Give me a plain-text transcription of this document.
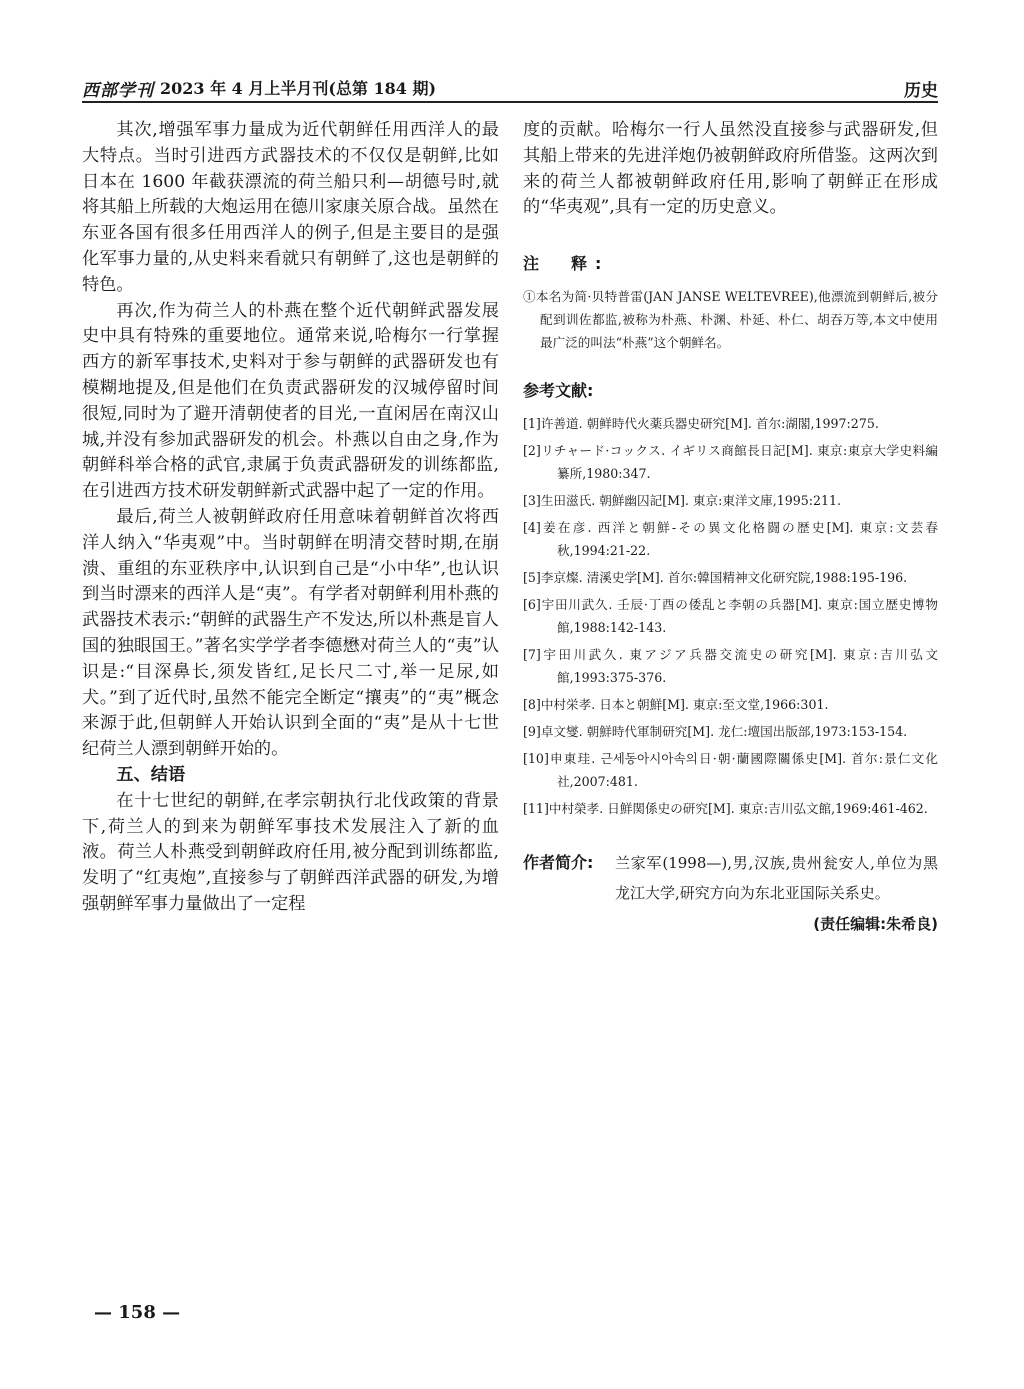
西部学刊 2023 年 4 月上半月刊(总第 184 期)	历史

其次,增强军事力量成为近代朝鲜任用西洋人的最大特点。当时引进西方武器技术的不仅仅是朝鲜,比如日本在 1600 年截获漂流的荷兰船只利—胡德号时,就将其船上所载的大炮运用在德川家康关原合战。虽然在东亚各国有很多任用西洋人的例子,但是主要目的是强化军事力量的,从史料来看就只有朝鲜了,这也是朝鲜的特色。

再次,作为荷兰人的朴燕在整个近代朝鲜武器发展史中具有特殊的重要地位。通常来说,哈梅尔一行掌握西方的新军事技术,史料对于参与朝鲜的武器研发也有模糊地提及,但是他们在负责武器研发的汉城停留时间很短,同时为了避开清朝使者的目光,一直闲居在南汉山城,并没有参加武器研发的机会。朴燕以自由之身,作为朝鲜科举合格的武官,隶属于负责武器研发的训练都监,在引进西方技术研发朝鲜新式武器中起了一定的作用。

最后,荷兰人被朝鲜政府任用意味着朝鲜首次将西洋人纳入“华夷观”中。当时朝鲜在明清交替时期,在崩溃、重组的东亚秩序中,认识到自己是“小中华”,也认识到当时漂来的西洋人是“夷”。有学者对朝鲜利用朴燕的武器技术表示:“朝鲜的武器生产不发达,所以朴燕是盲人国的独眼国王。”著名实学学者李德懋对荷兰人的“夷”认识是:“目深鼻长,须发皆红,足长尺二寸,举一足尿,如犬。”到了近代时,虽然不能完全断定“攘夷”的“夷”概念来源于此,但朝鲜人开始认识到全面的“夷”是从十七世纪荷兰人漂到朝鲜开始的。

五、结语

在十七世纪的朝鲜,在孝宗朝执行北伐政策的背景下,荷兰人的到来为朝鲜军事技术发展注入了新的血液。荷兰人朴燕受到朝鲜政府任用,被分配到训练都监,发明了“红夷炮”,直接参与了朝鲜西洋武器的研发,为增强朝鲜军事力量做出了一定程

度的贡献。哈梅尔一行人虽然没直接参与武器研发,但其船上带来的先进洋炮仍被朝鲜政府所借鉴。这两次到来的荷兰人都被朝鲜政府任用,影响了朝鲜正在形成的“华夷观”,具有一定的历史意义。

注　释:
①本名为简·贝特普雷(JAN JANSE WELTEVREE),他漂流到朝鲜后,被分配到训佐都监,被称为朴燕、朴渊、朴延、朴仁、胡吞万等,本文中使用最广泛的叫法“朴燕”这个朝鲜名。
参考文献:
[1]许善道. 朝鲜時代火薬兵器史研究[M]. 首尔:湖閣,1997:275.
[2]リチャード·コックス. イギリス商館長日記[M]. 東京:東京大学史料編纂所,1980:347.
[3]生田滋氏. 朝鮮幽囚記[M]. 東京:東洋文庫,1995:211.
[4]姜在彦. 西洋と朝鮮-その異文化格闘の歴史[M]. 東京:文芸春秋,1994:21-22.
[5]李京燦. 清溪史学[M]. 首尔:韓国精神文化研究院,1988:195-196.
[6]宇田川武久. 壬辰·丁酉の倭乱と李朝の兵器[M]. 東京:国立歴史博物館,1988:142-143.
[7]宇田川武久. 東アジア兵器交流史の研究[M]. 東京:吉川弘文館,1993:375-376.
[8]中村栄孝. 日本と朝鮮[M]. 東京:至文堂,1966:301.
[9]卓文燮. 朝鮮時代軍制研究[M]. 龙仁:壇国出版部,1973:153-154.
[10]申東珪. 근세동아시아속의日·朝·蘭國際關係史[M]. 首尔:景仁文化社,2007:481.
[11]中村榮孝. 日鮮関係史の研究[M]. 東京:吉川弘文館,1969:461-462.
作者简介: 兰家军(1998—),男,汉族,贵州瓮安人,单位为黑龙江大学,研究方向为东北亚国际关系史。
(责任编辑:朱希良)
— 158 —
